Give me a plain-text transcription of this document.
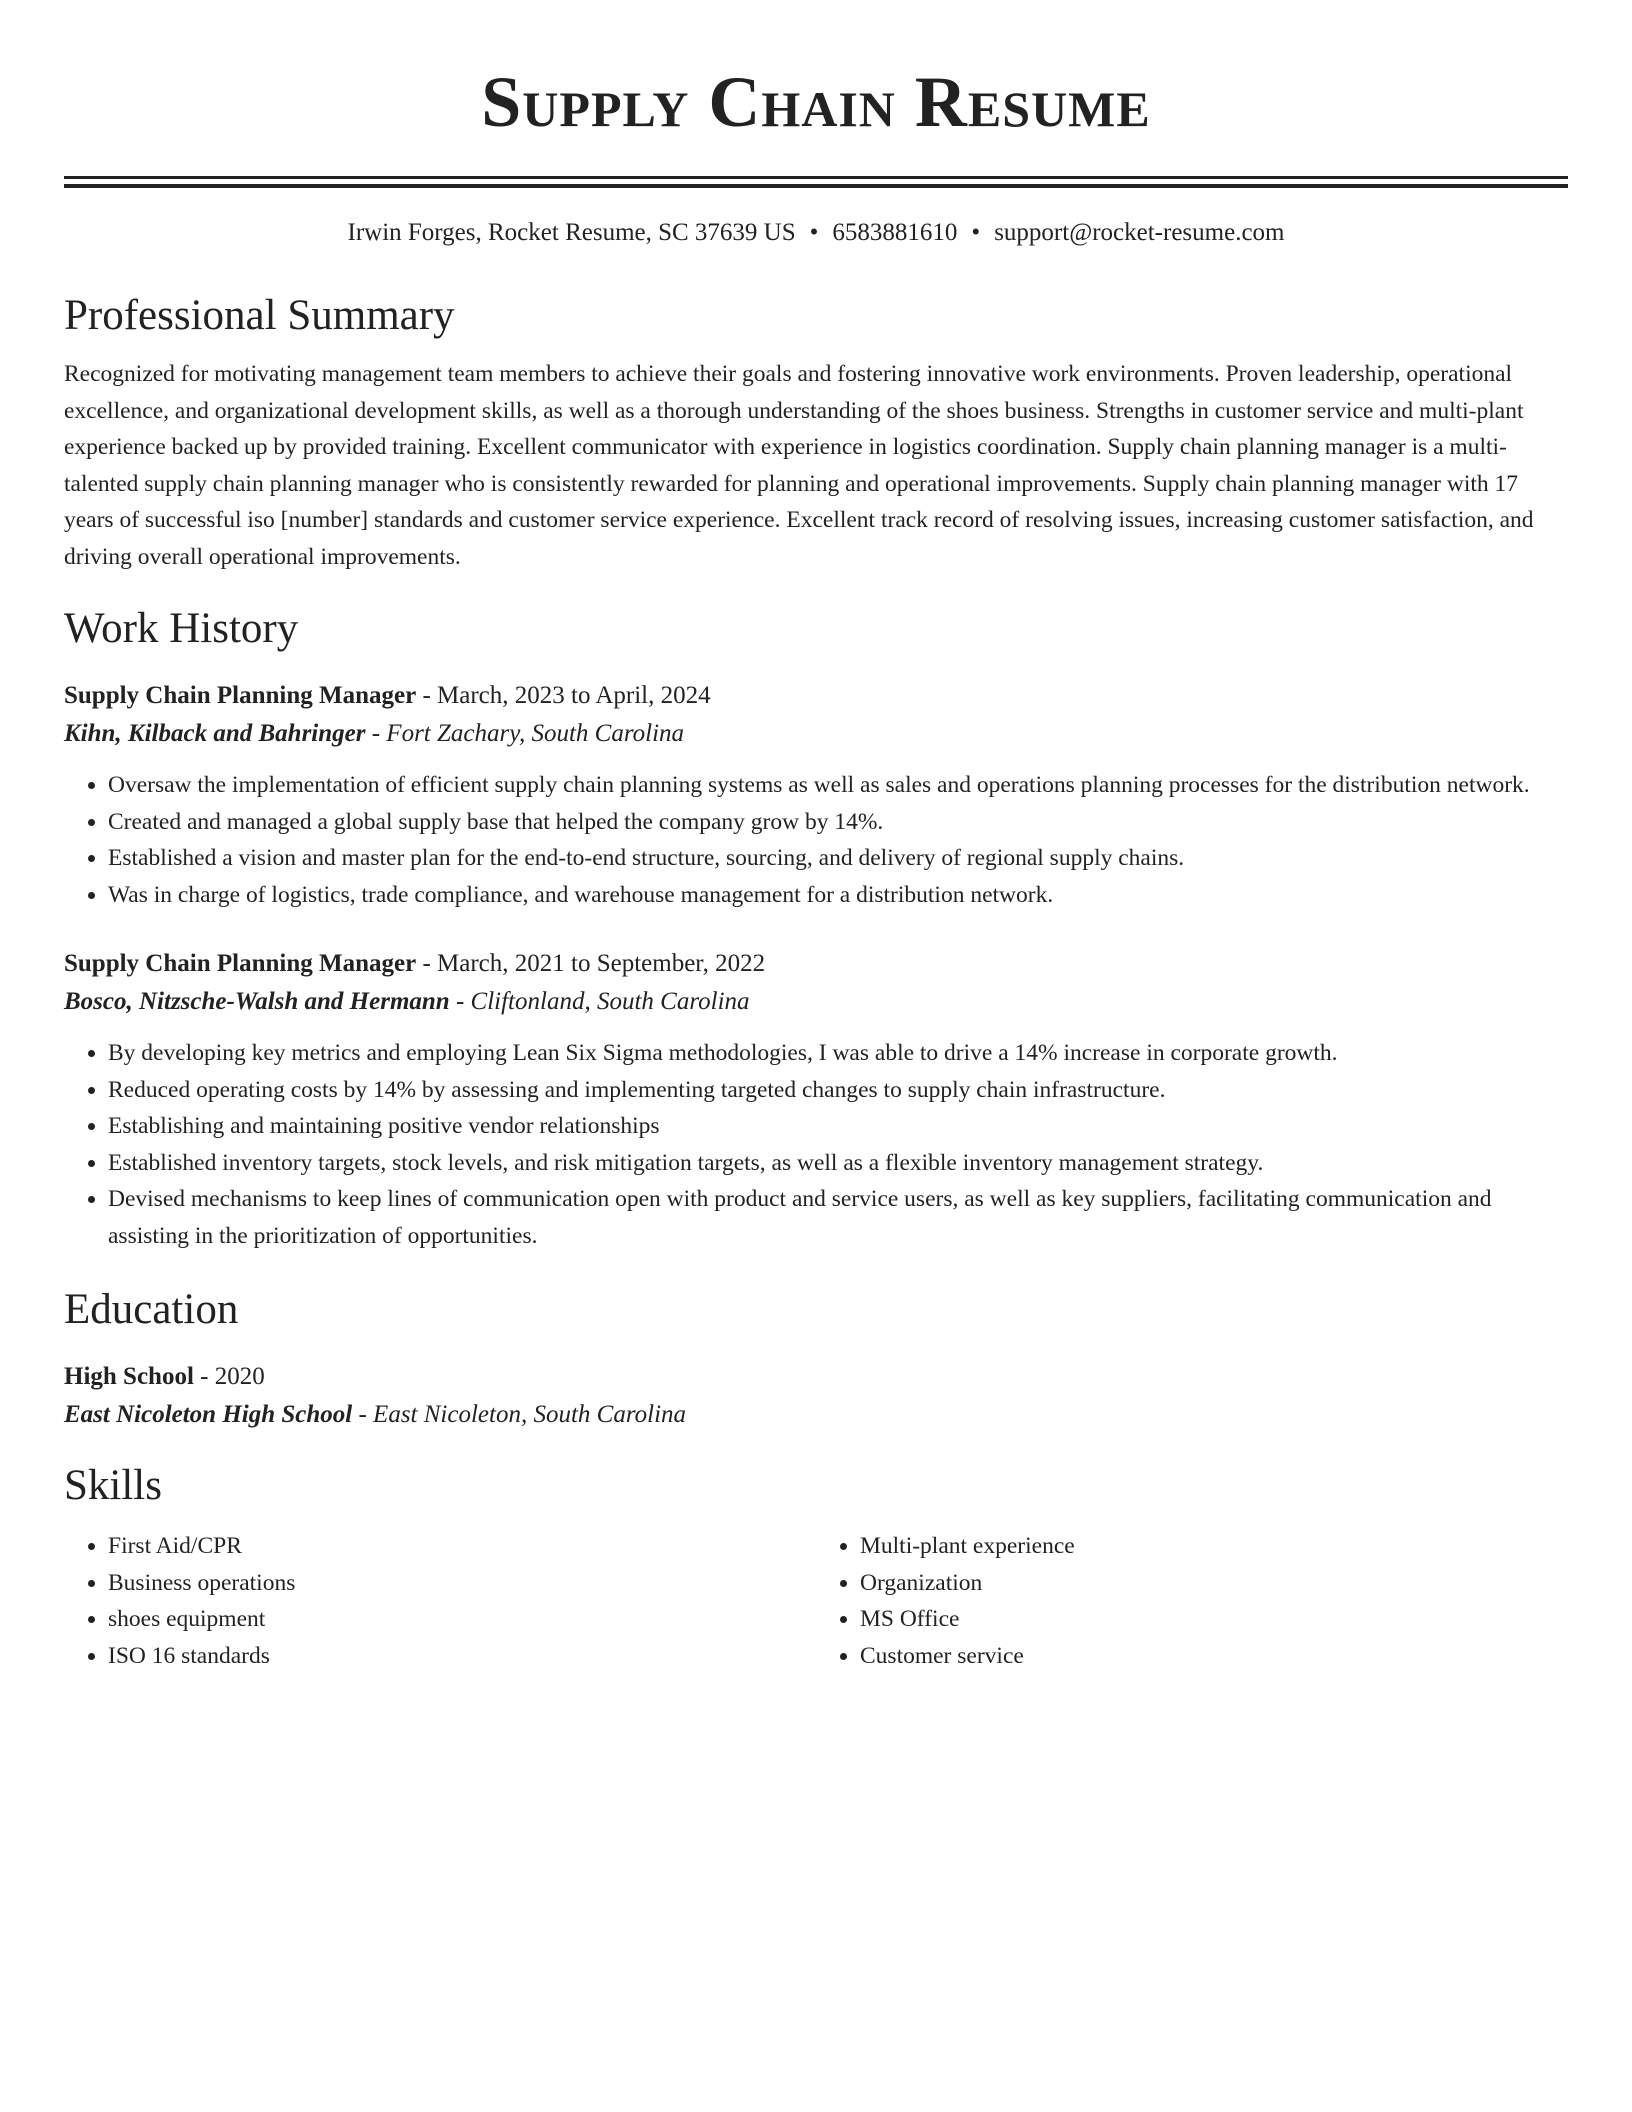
Supply Chain Resume
Irwin Forges, Rocket Resume, SC 37639 US • 6583881610 • support@rocket-resume.com
Professional Summary

Recognized for motivating management team members to achieve their goals and fostering innovative work environments. Proven leadership, operational excellence, and organizational development skills, as well as a thorough understanding of the shoes business. Strengths in customer service and multi-plant experience backed up by provided training. Excellent communicator with experience in logistics coordination. Supply chain planning manager is a multi-talented supply chain planning manager who is consistently rewarded for planning and operational improvements. Supply chain planning manager with 17 years of successful iso [number] standards and customer service experience. Excellent track record of resolving issues, increasing customer satisfaction, and driving overall operational improvements.

Work History
Supply Chain Planning Manager - March, 2023 to April, 2024
Kihn, Kilback and Bahringer - Fort Zachary, South Carolina
• Oversaw the implementation of efficient supply chain planning systems as well as sales and operations planning processes for the distribution network.
• Created and managed a global supply base that helped the company grow by 14%.
• Established a vision and master plan for the end-to-end structure, sourcing, and delivery of regional supply chains.
• Was in charge of logistics, trade compliance, and warehouse management for a distribution network.
Supply Chain Planning Manager - March, 2021 to September, 2022
Bosco, Nitzsche-Walsh and Hermann - Cliftonland, South Carolina
• By developing key metrics and employing Lean Six Sigma methodologies, I was able to drive a 14% increase in corporate growth.
• Reduced operating costs by 14% by assessing and implementing targeted changes to supply chain infrastructure.
• Establishing and maintaining positive vendor relationships
• Established inventory targets, stock levels, and risk mitigation targets, as well as a flexible inventory management strategy.
• Devised mechanisms to keep lines of communication open with product and service users, as well as key suppliers, facilitating communication and assisting in the prioritization of opportunities.
Education
High School - 2020
East Nicoleton High School - East Nicoleton, South Carolina
Skills
• First Aid/CPR
• Business operations
• shoes equipment
• ISO 16 standards
• Multi-plant experience
• Organization
• MS Office
• Customer service
